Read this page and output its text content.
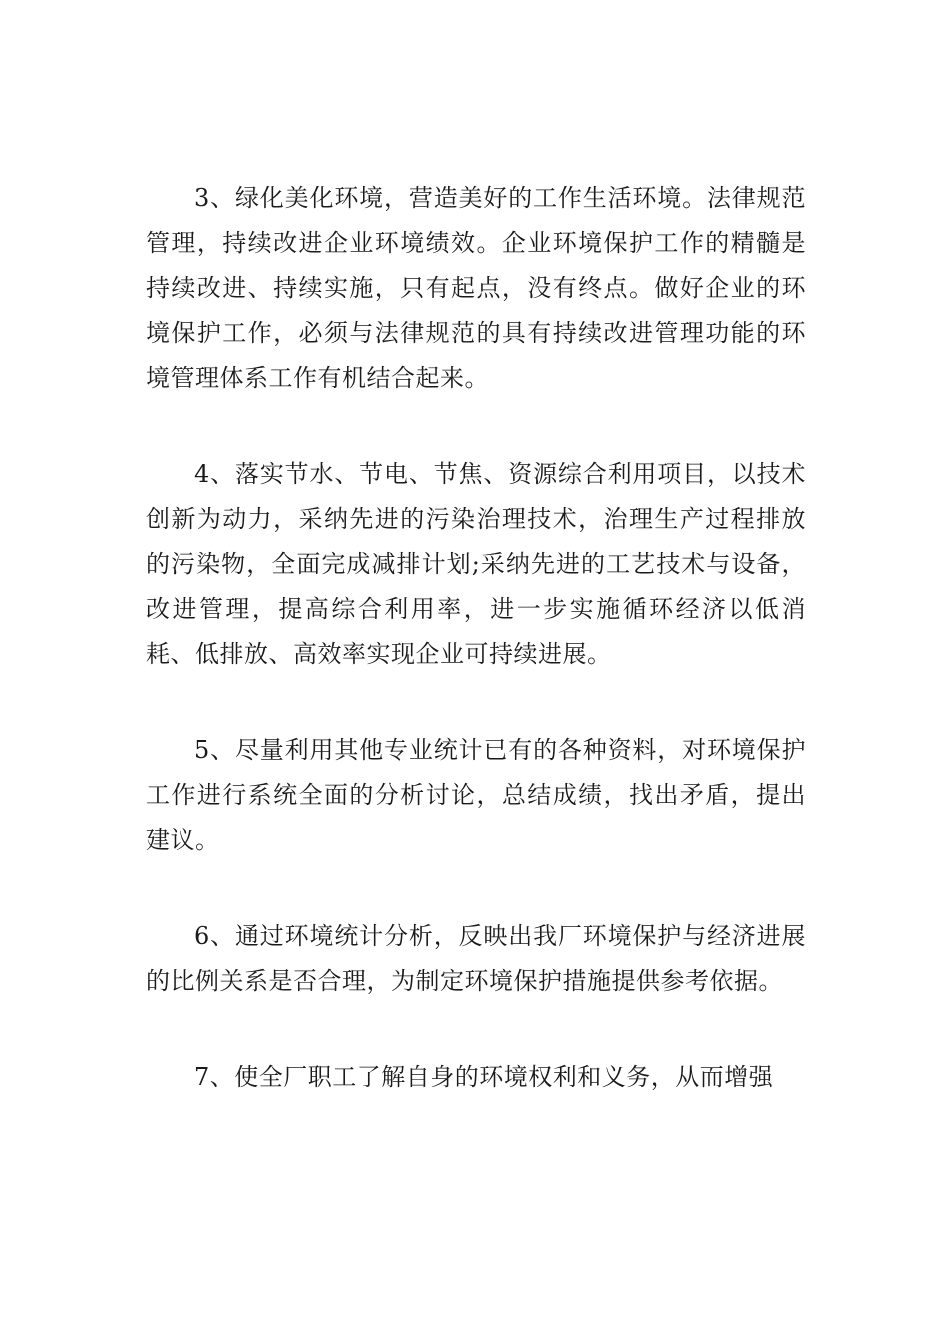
3、绿化美化环境，营造美好的工作生活环境。法律规范管理，持续改进企业环境绩效。企业环境保护工作的精髓是持续改进、持续实施，只有起点，没有终点。做好企业的环境保护工作，必须与法律规范的具有持续改进管理功能的环境管理体系工作有机结合起来。

4、落实节水、节电、节焦、资源综合利用项目，以技术创新为动力，采纳先进的污染治理技术，治理生产过程排放的污染物，全面完成减排计划;采纳先进的工艺技术与设备，改进管理，提高综合利用率，进一步实施循环经济以低消耗、低排放、高效率实现企业可持续进展。

5、尽量利用其他专业统计已有的各种资料，对环境保护工作进行系统全面的分析讨论，总结成绩，找出矛盾，提出建议。

6、通过环境统计分析，反映出我厂环境保护与经济进展的比例关系是否合理，为制定环境保护措施提供参考依据。

7、使全厂职工了解自身的环境权利和义务，从而增强
